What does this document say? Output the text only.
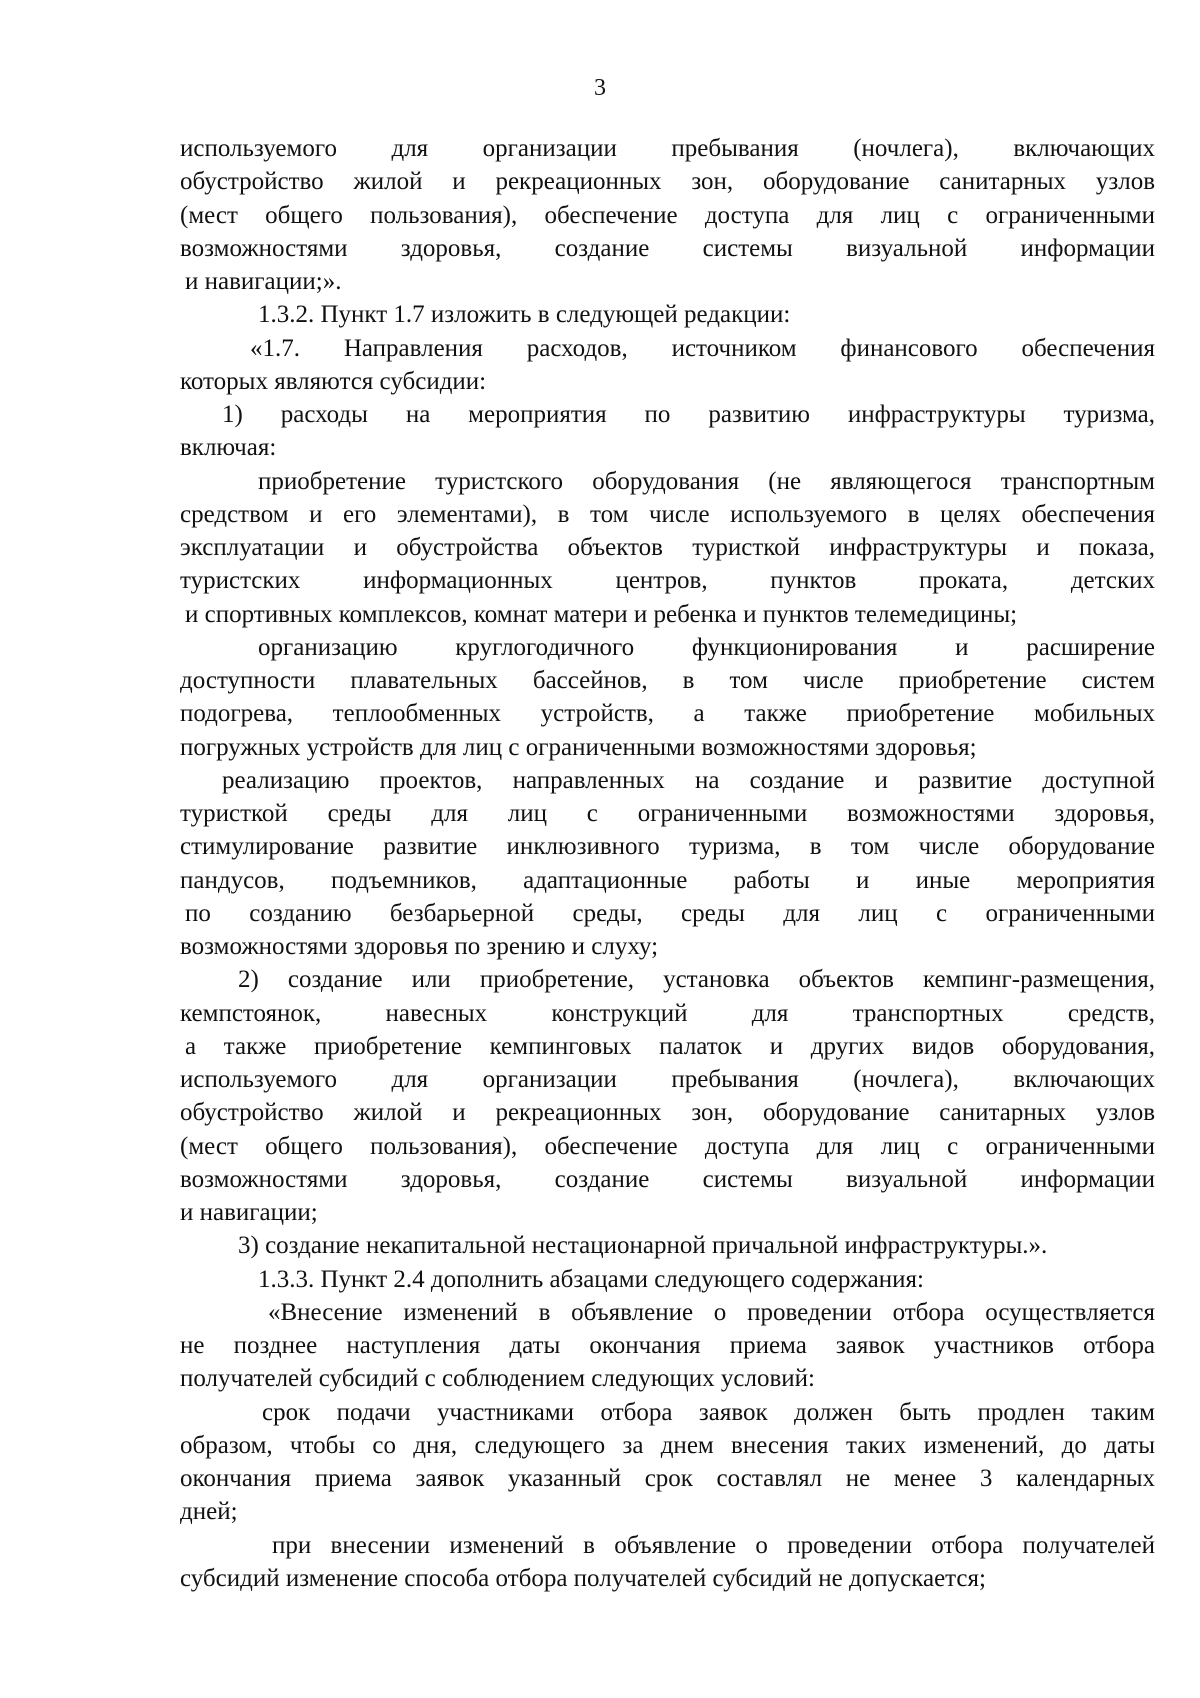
3
используемого для организации пребывания (ночлега), включающих
обустройство жилой и рекреационных зон, оборудование санитарных узлов
(мест общего пользования), обеспечение доступа для лиц с ограниченными
возможностями здоровья, создание системы визуальной информации
и навигации;».
1.3.2. Пункт 1.7 изложить в следующей редакции:
«1.7. Направления расходов, источником финансового обеспечения
которых являются субсидии:
1) расходы на мероприятия по развитию инфраструктуры туризма,
включая:
приобретение туристского оборудования (не являющегося транспортным
средством и его элементами), в том числе используемого в целях обеспечения
эксплуатации и обустройства объектов туристкой инфраструктуры и показа,
туристских информационных центров, пунктов проката, детских
и спортивных комплексов, комнат матери и ребенка и пунктов телемедицины;
организацию круглогодичного функционирования и расширение
доступности плавательных бассейнов, в том числе приобретение систем
подогрева, теплообменных устройств, а также приобретение мобильных
погружных устройств для лиц с ограниченными возможностями здоровья;
реализацию проектов, направленных на создание и развитие доступной
туристкой среды для лиц с ограниченными возможностями здоровья,
стимулирование развитие инклюзивного туризма, в том числе оборудование
пандусов, подъемников, адаптационные работы и иные мероприятия
по созданию безбарьерной среды, среды для лиц с ограниченными
возможностями здоровья по зрению и слуху;
2) создание или приобретение, установка объектов кемпинг-размещения,
кемпстоянок, навесных конструкций для транспортных средств,
а также приобретение кемпинговых палаток и других видов оборудования,
используемого для организации пребывания (ночлега), включающих
обустройство жилой и рекреационных зон, оборудование санитарных узлов
(мест общего пользования), обеспечение доступа для лиц с ограниченными
возможностями здоровья, создание системы визуальной информации
и навигации;
3) создание некапитальной нестационарной причальной инфраструктуры.».
1.3.3. Пункт 2.4 дополнить абзацами следующего содержания:
«Внесение изменений в объявление о проведении отбора осуществляется
не позднее наступления даты окончания приема заявок участников отбора
получателей субсидий с соблюдением следующих условий:
срок подачи участниками отбора заявок должен быть продлен таким
образом, чтобы со дня, следующего за днем внесения таких изменений, до даты
окончания приема заявок указанный срок составлял не менее 3 календарных
дней;
при внесении изменений в объявление о проведении отбора получателей
субсидий изменение способа отбора получателей субсидий не допускается;
